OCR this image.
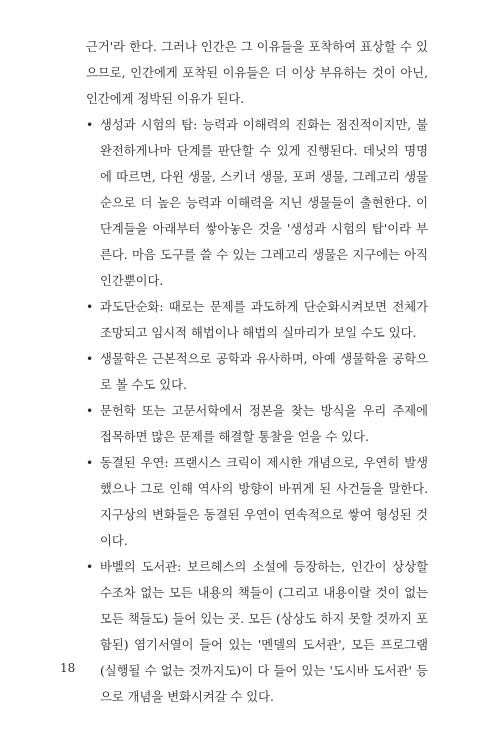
근거'라 한다. 그러나 인간은 그 이유들을 포착하여 표상할 수 있으므로, 인간에게 포착된 이유들은 더 이상 부유하는 것이 아닌, 인간에게 정박된 이유가 된다.

• 생성과 시험의 탑: 능력과 이해력의 진화는 점진적이지만, 불완전하게나마 단계를 판단할 수 있게 진행된다. 데닛의 명명에 따르면, 다윈 생물, 스키너 생물, 포퍼 생물, 그레고리 생물 순으로 더 높은 능력과 이해력을 지닌 생물들이 출현한다. 이 단계들을 아래부터 쌓아놓은 것을 '생성과 시험의 탑'이라 부른다. 마음 도구를 쓸 수 있는 그레고리 생물은 지구에는 아직 인간뿐이다.
• 과도단순화: 때로는 문제를 과도하게 단순화시켜보면 전체가 조망되고 임시적 해법이나 해법의 실마리가 보일 수도 있다.
• 생물학은 근본적으로 공학과 유사하며, 아예 생물학을 공학으로 볼 수도 있다.
• 문헌학 또는 고문서학에서 정본을 찾는 방식을 우리 주제에 접목하면 많은 문제를 해결할 통찰을 얻을 수 있다.
• 동결된 우연: 프랜시스 크릭이 제시한 개념으로, 우연히 발생했으나 그로 인해 역사의 방향이 바뀌게 된 사건들을 말한다. 지구상의 변화들은 동결된 우연이 연속적으로 쌓여 형성된 것이다.
• 바벨의 도서관: 보르헤스의 소설에 등장하는, 인간이 상상할 수조차 없는 모든 내용의 책들이 (그리고 내용이랄 것이 없는 모든 책들도) 들어 있는 곳. 모든 (상상도 하지 못할 것까지 포함된) 염기서열이 들어 있는 '멘델의 도서관', 모든 프로그램(실행될 수 없는 것까지도)이 다 들어 있는 '도시바 도서관' 등으로 개념을 변화시켜갈 수 있다.
18
